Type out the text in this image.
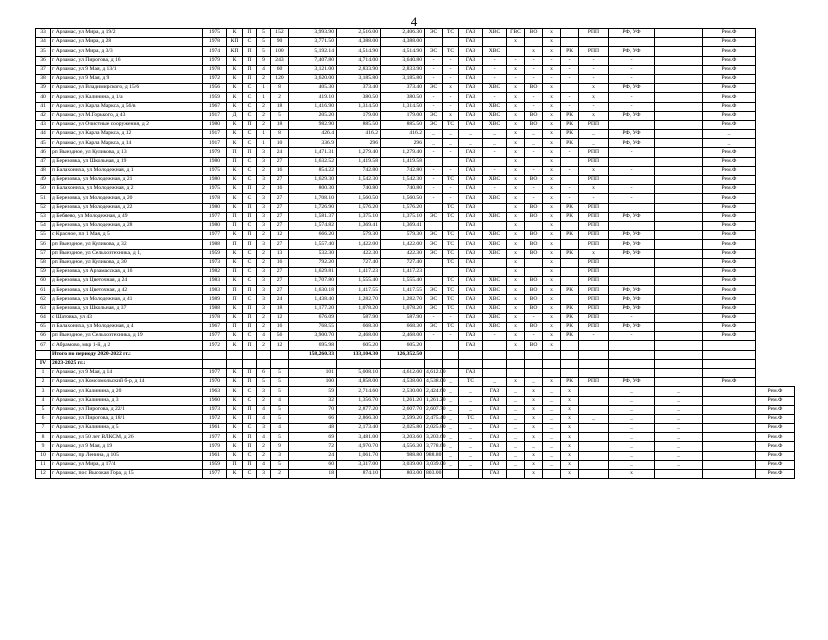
4
33	г Арзамас, ул Мира, д 19/2	1975	К	П	5	152	3,993.90	2,516.00	2,406.30	ЭС	ТС	ГАЗ	ХВС	ГВС	ВО	х		РПП	РФ, УФ		Рем.Ф	
34	г Арзамас, ул Мира, д 28	1978	КП	С	5	90	3,771.50	4,388.00	4,388.00			ГАЗ		х		х					Рем.Ф	
35	г Арзамас, ул Мира, д 3/3	1974	КП	П	5	100	5,192.14	4,514.90	4,514.90	ЭС	ТС	ГАЗ	ХВС		х	х	РК	РПП	РФ, УФ		Рем.Ф	
36	г Арзамас, ул Пирогова, д 16	1979	К	П	9	243	7,407.80	4,714.00	3,640.80	-	-	ГАЗ	-	-	-	-	-	-	-		Рем.Ф	
37	г Арзамас, ул 9 Мая, д 13/1	1978	К	П	4	60	3,121.00	2,833.90	2,833.90	-	-	ГАЗ	-	х	-	х	-	-	-		Рем.Ф	
38	г Арзамас, ул 9 Мая, д 9	1972	К	П	2	120	3,620.00	3,185.80	3,185.80	-	-	ГАЗ	-	-	-	-	-	-	-		Рем.Ф	
39	г Арзамас, ул Владимирского, д 15/6	1956	К	С	1	8	405.30	373.40	373.40	ЭС	х	ГАЗ	ХВС	х	ВО	х		х	РФ, УФ		Рем.Ф	
40	г Арзамас, ул Калинина, д 1/а	1959	К	С	1	2	419.10	380.50	380.50	-	-	ГАЗ	-	х	-	х	-	х	-		Рем.Ф	
41	г Арзамас, ул Карла Маркса, д 56/в	1967	К	С	2	18	1,416.90	1,314.50	1,314.50	-	-	ГАЗ	ХВС	х	-	х	-	-	-		Рем.Ф	
42	г Арзамас, ул М.Горького, д 43	1917	Д	С	2	5	205.20	179.00	179.00	ЭС	х	ГАЗ	ХВС	х	ВО	х	РК	х	РФ, УФ		Рем.Ф	
43	г Арзамас, ул Очистные сооружения, д 2	1980	К	П	2	18	982.90	885.50	885.50	ЭС	ТС	ГАЗ	ХВС	х	ВО	х	РК	РПП			Рем.Ф	
44	г Арзамас, ул Карла Маркса, д 12	1917	К	С	1	8	426.4	416.2	416.2	_	_	_	_	х	_	х	РК	_	РФ, УФ		_	
45	г Арзамас, ул Карла Маркса, д 14	1917	К	С	1	10	336.9	296	296	_	_	_	_	х	_	х	РК	_	РФ, УФ		_	
46	рп Выездное, ул Куликова, д 13	1979	П	П	3	24	1,471.31	1,279.40	1,279.40	-	-	ГАЗ	-	х	-	х	-	РПП	-		Рем.Ф	
47	д Березовка, ул Школьная, д 19	1980	П	С	3	27	1,632.52	1,419.58	1,419.58			ГАЗ		х		х		РПП			Рем.Ф	
48	п Балахониха, ул Молодежная, д 1	1975	К	С	2	16	854.22	742.80	742.80	-	-	ГАЗ	-	х	-	х	-	х	-		Рем.Ф	
49	д Березовка, ул Молодежная, д 21	1980	К	С	3	27	1,629.30	1,542.30	1,542.30	-	ТС	ГАЗ	ХВС	х	ВО	х		РПП			Рем.Ф	
50	п Балахониха, ул Молодежная, д 2	1975	К	П	2	16	800.30	740.80	740.80	-	-	ГАЗ	-	х	-	х	-	х	-		Рем.Ф	
51	д Березовка, ул Молодежная, д 20	1978	К	С	3	27	1,708.10	1,560.50	1,560.50	-	-	ГАЗ	ХВС	х	-	х	-	-	-		Рем.Ф	
52	д Березовка, ул Молодежная, д 22	1980	К	П	3	27	1,726.90	1,576.20	1,576.20		ТС	ГАЗ		х	ВО	х	РК	РПП			Рем.Ф	
53	д Бебяево, ул Молодежная, д 49	1977	П	П	3	27	1,581.37	1,375.10	1,375.10	ЭС	ТС	ГАЗ	ХВС	х	ВО	х	РК	РПП	РФ, УФ		Рем.Ф	
54	д Березовка, ул Молодежная, д 28	1980	П	С	3	27	1,574.82	1,369.41	1,369.41			ГАЗ		х		х		РПП			Рем.Ф	
55	с Красное, пл 1 Мая, д 5	1977	К	П	2	12	666.20	579.30	579.30	ЭС	ТС	ГАЗ	ХВС	х	ВО	х	РК	РПП	РФ, УФ		Рем.Ф	
56	рп Выездное, ул Куликова, д 32	1988	П	П	3	27	1,557.40	1,422.00	1,422.00	ЭС	ТС	ГАЗ	ХВС	х	ВО	х		РПП	РФ, УФ		Рем.Ф	
57	рп Выездное, ул Сельхозтехника, д 1,	1959	К	С	2	13	532.30	422.30	422.30	ЭС	ТС	ГАЗ	ХВС	х	ВО	х	РК	х	РФ, УФ		Рем.Ф	
58	рп Выездное, ул Куликова, д 30	1973	К	С	2	16	792.20	727.40	727.40		ТС	ГАЗ		х		х		РПП			Рем.Ф	
59	д Березовка, ул Арзамасская, д 16	1982	П	С	3	27	1,629.81	1,417.23	1,417.23			ГАЗ		х		х		РПП			Рем.Ф	
60	д Березовка, ул Цветочная, д 24	1983	К	С	3	27	1,707.80	1,555.40	1,555.40		ТС	ГАЗ	ХВС	х	ВО	х		РПП			Рем.Ф	
61	д Березовка, ул Цветочная, д 42	1983	П	П	3	27	1,630.18	1,417.55	1,417.55	ЭС	ТС	ГАЗ	ХВС	х	ВО	х	РК	РПП	РФ, УФ		Рем.Ф	
62	д Березовка, ул Молодежная, д 41	1989	П	С	3	24	1,438.40	1,282.70	1,282.70	ЭС	ТС	ГАЗ	ХВС	х	ВО	х		РПП	РФ, УФ		Рем.Ф	
63	д Березовка, ул Школьная, д 37	1988	К	П	3	18	1,177.20	1,078.20	1,078.20	ЭС	ТС	ГАЗ	ХВС	х	ВО	х	РК	РПП	РФ, УФ		Рем.Ф	
64	с Шатовка, ул 43	1978	К	П	2	12	676.09	587.90	587.90	-	-	ГАЗ	ХВС	х	-	х	РК	РПП	-		Рем.Ф	
65	п Балахониха, ул Молодежная, д 4	1967	П	П	2	16	768.55	668.30	668.30	ЭС	ТС	ГАЗ	ХВС	х	ВО	х	РК	РПП	РФ, УФ		Рем.Ф	
66	рп Выездное, ул Сельхозтехника, д 19	1977	К	С	4	56	3,900.70	2,468.00	2,468.00	-	-	ГАЗ	-	х	-	х	РК	-	-		Рем.Ф	
67	с Абрамово, мкр 1-й, д 2	1972	К	П	2	12	695.98	605.20	605.20			ГАЗ		х	ВО	х						
	Итого по периоду 2020-2022 гг.:						158,260.33	133,104.30	126,352.50													
IV	2023-2025 гг.:																					
1	г Арзамас, ул 9 Мая, д 14	1977	К	П	6	5	101	5,008.10	4,612.00	4,612.00		ГАЗ										
2	г Арзамас, ул Комсомольский б-р, д 14	1970	К	П	5	5	100	4,858.00	4,538.00	4,538.00	_	ТС	_	х	_	х	РК	РПП	РФ, УФ		Рем.Ф	
3	г Арзамас, ул Калинина, д 20	1963	К	С	3	5	59	2,714.60	2,530.00	2,424.60	_	_	ГАЗ	_	х	_	х		_	_		Рем.Ф
4	г Арзамас, ул Калинина, д 3	1960	К	С	2	4	32	1,356.70	1,261.20	1,261.20	_	_	ГАЗ	_	х	_	х		_	_		Рем.Ф
5	г Арзамас, ул Пирогова, д 22/1	1973	К	П	4	5	70	2,877.20	2,607.70	2,607.70	_	_	ГАЗ	_	х	_	х		_	_		Рем.Ф
6	г Арзамас, ул Пирогова, д 18/1	1972	К	П	4	5	66	2,866.30	2,599.20	2,475.40	_	ТС	ГАЗ	_	х	_	х	_	_	_		Рем.Ф
7	г Арзамас, ул Калинина, д 5	1961	К	С	3	4	48	2,173.40	2,025.80	2,025.80	_	_	ГАЗ	_	х	_	х		_	_		Рем.Ф
8	г Арзамас, ул 50 лет ВЛКСМ, д 26	1977	К	П	4	5	69	3,481.00	3,203.60	3,203.60	_	_	ГАЗ	_	х	_	х		_	_		Рем.Ф
9	г Арзамас, ул 9 Мая, д 19	1979	К	П	2	9	72	4,970.70	4,556.30	3,778.60	_	_	ГАЗ	_	_	_	х		_	_		Рем.Ф
10	г Арзамас, пр Ленина, д 105	1961	К	С	2	3	24	1,061.70	988.80	988.80	_	_	ГАЗ	_	х	_	х		_	_		Рем.Ф
11	г Арзамас, ул Мира, д 17/4	1959	П	П	4	5	60	3,317.00	3,039.00	3,039.00	_	_	ГАЗ	_	х	_	х		_	_		Рем.Ф
12	г Арзамас, пос Высокая Гора, д 15	1977	К	С	3	2	18	874.10	803.00	803.00			ГАЗ		х		х		х			Рем.Ф
